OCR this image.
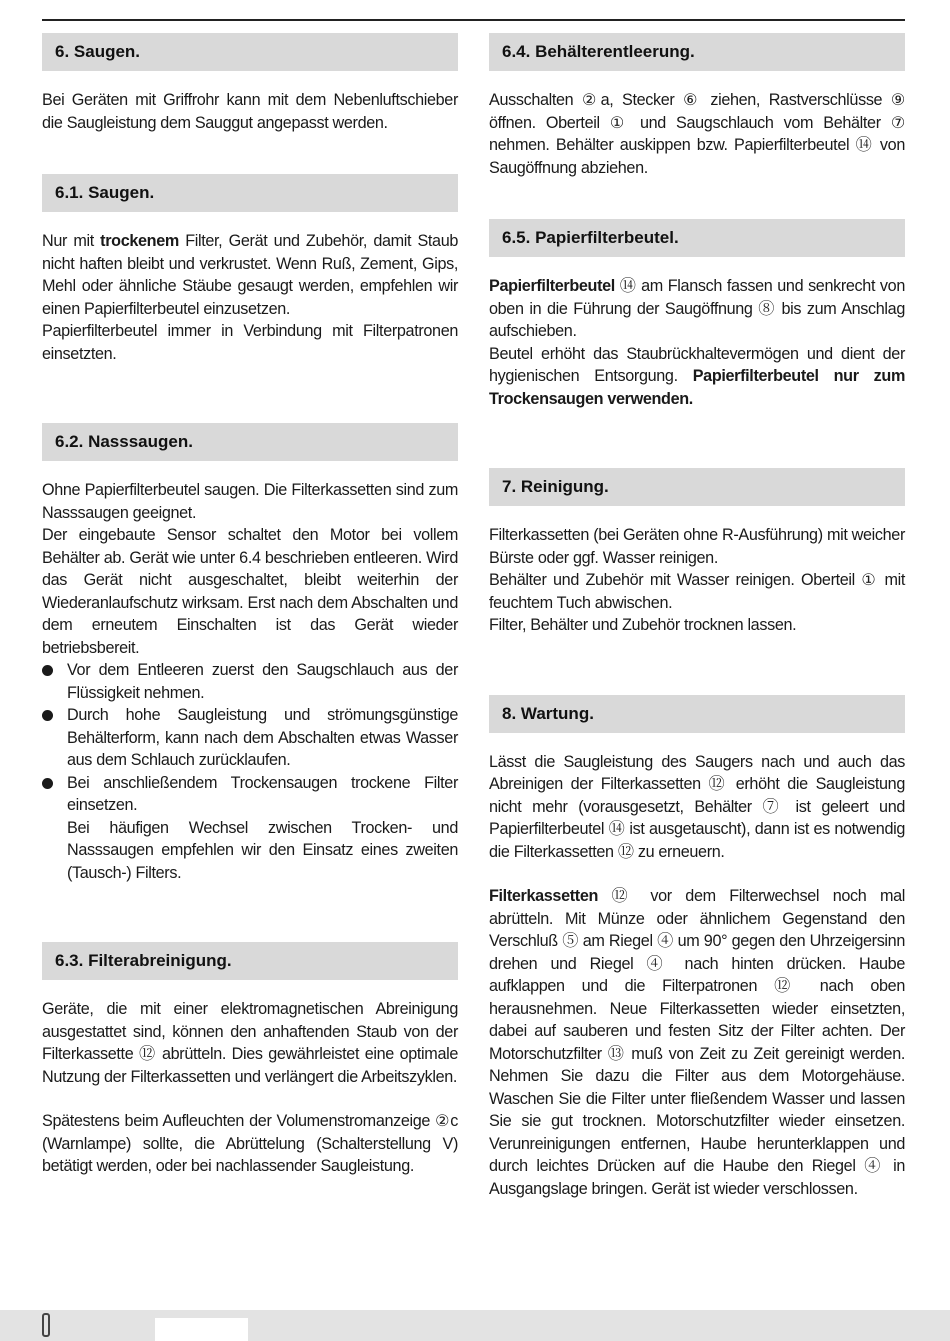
6. Saugen.

Bei Geräten mit Griffrohr kann mit dem Nebenluftschieber die Saugleistung dem Sauggut angepasst werden.

6.1. Saugen.

Nur mit trockenem Filter, Gerät und Zubehör, damit Staub nicht haften bleibt und verkrustet. Wenn Ruß, Zement, Gips, Mehl oder ähnliche Stäube gesaugt werden, empfehlen wir einen Papierfilterbeutel einzusetzen.

Papierfilterbeutel immer in Verbindung mit Filterpatronen einsetzten.

6.2. Nasssaugen.

Ohne Papierfilterbeutel saugen. Die Filterkassetten sind zum Nasssaugen geeignet.

Der eingebaute Sensor schaltet den Motor bei vollem Behälter ab. Gerät wie unter 6.4 beschrieben entleeren. Wird das Gerät nicht ausgeschaltet, bleibt weiterhin der Wiederanlaufschutz wirksam. Erst nach dem Abschalten und dem erneutem Einschalten ist das Gerät wieder betriebsbereit.

Vor dem Entleeren zuerst den Saugschlauch aus der Flüssigkeit nehmen.

Durch hohe Saugleistung und strömungsgünstige Behälterform, kann nach dem Abschalten etwas Wasser aus dem Schlauch zurücklaufen.

Bei anschließendem Trockensaugen trockene Filter einsetzen.

Bei häufigen Wechsel zwischen Trocken- und Nasssaugen empfehlen wir den Einsatz eines zweiten (Tausch-) Filters.

6.3. Filterabreinigung.

Geräte, die mit einer elektromagnetischen Abreinigung ausgestattet sind, können den anhaftenden Staub von der Filterkassette ⑫ abrütteln. Dies gewährleistet eine optimale Nutzung der Filterkassetten und verlängert die Arbeitszyklen.

Spätestens beim Aufleuchten der Volumenstromanzeige ②c (Warnlampe) sollte, die Abrüttelung (Schalterstellung V) betätigt werden, oder bei nachlassender Saugleistung.

6.4. Behälterentleerung.

Ausschalten ②a, Stecker ⑥ ziehen, Rastverschlüsse ⑨ öffnen. Oberteil ① und Saugschlauch vom Behälter ⑦ nehmen. Behälter auskippen bzw. Papierfilterbeutel ⑭ von Saugöffnung abziehen.

6.5. Papierfilterbeutel.

Papierfilterbeutel ⑭ am Flansch fassen und senkrecht von oben in die Führung der Saugöffnung ⑧ bis zum Anschlag aufschieben.

Beutel erhöht das Staubrückhaltevermögen und dient der hygienischen Entsorgung. Papierfilterbeutel nur zum Trockensaugen verwenden.

7. Reinigung.

Filterkassetten (bei Geräten ohne R-Ausführung) mit weicher Bürste oder ggf. Wasser reinigen.

Behälter und Zubehör mit Wasser reinigen. Oberteil ① mit feuchtem Tuch abwischen.

Filter, Behälter und Zubehör trocknen lassen.

8. Wartung.

Lässt die Saugleistung des Saugers nach und auch das Abreinigen der Filterkassetten ⑫ erhöht die Saugleistung nicht mehr (vorausgesetzt, Behälter ⑦ ist geleert und Papierfilterbeutel ⑭ ist ausgetauscht), dann ist es notwendig die Filterkassetten ⑫ zu erneuern.

Filterkassetten ⑫ vor dem Filterwechsel noch mal abrütteln. Mit Münze oder ähnlichem Gegenstand den Verschluß ⑤ am Riegel ④ um 90° gegen den Uhrzeigersinn drehen und Riegel ④ nach hinten drücken. Haube aufklappen und die Filterpatronen ⑫ nach oben herausnehmen. Neue Filterkassetten wieder einsetzten, dabei auf sauberen und festen Sitz der Filter achten. Der Motorschutzfilter ⑬ muß von Zeit zu Zeit gereinigt werden. Nehmen Sie dazu die Filter aus dem Motorgehäuse. Waschen Sie die Filter unter fließendem Wasser und lassen Sie sie gut trocknen. Motorschutzfilter wieder einsetzen. Verunreinigungen entfernen, Haube herunterklappen und durch leichtes Drücken auf die Haube den Riegel ④ in Ausgangslage bringen. Gerät ist wieder verschlossen.
